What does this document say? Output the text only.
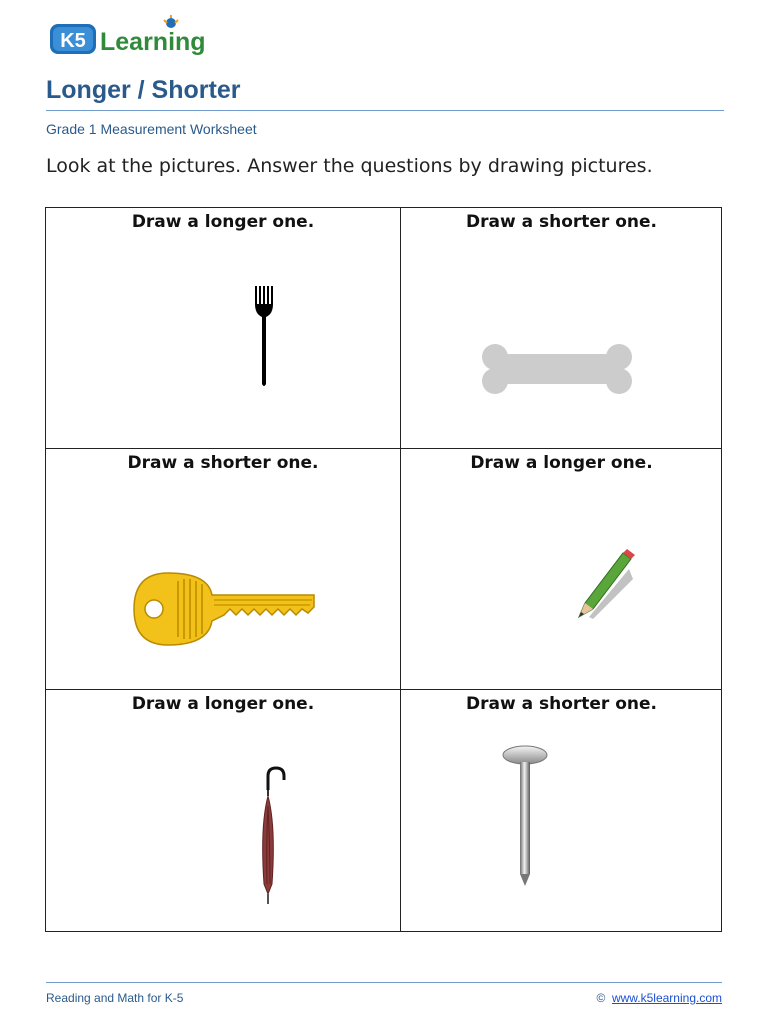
K5 Learning
Longer / Shorter
Grade 1 Measurement Worksheet
Look at the pictures. Answer the questions by drawing pictures.
Draw a longer one.	Draw a shorter one.
Draw a shorter one.	Draw a longer one.
Draw a longer one.	Draw a shorter one.
Reading and Math for K-5	© www.k5learning.com
